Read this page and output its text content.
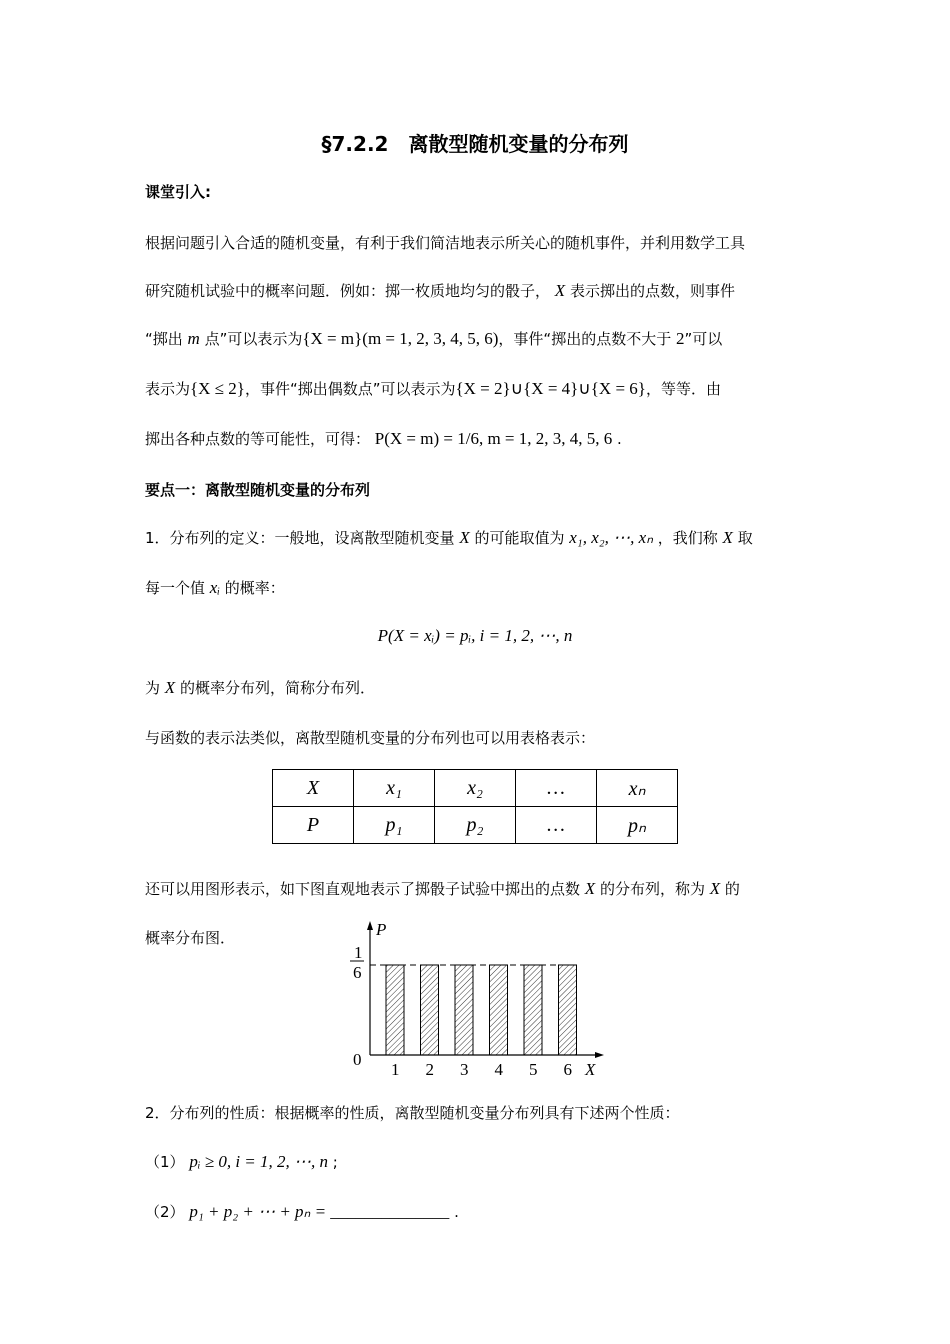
§7.2.2　离散型随机变量的分布列
课堂引入:
根据问题引入合适的随机变量，有利于我们简洁地表示所关心的随机事件，并利用数学工具
研究随机试验中的概率问题．例如：掷一枚质地均匀的骰子， X 表示掷出的点数，则事件
“掷出 m 点”可以表示为{X = m}(m = 1, 2, 3, 4, 5, 6)，事件“掷出的点数不大于 2”可以
表示为{X ≤ 2}，事件“掷出偶数点”可以表示为{X = 2}∪{X = 4}∪{X = 6}，等等．由
掷出各种点数的等可能性，可得： P(X = m) = 1/6, m = 1, 2, 3, 4, 5, 6 .
要点一：离散型随机变量的分布列
1．分布列的定义：一般地，设离散型随机变量 X 的可能取值为 x₁, x₂, ⋯, xₙ ，我们称 X 取
每一个值 xᵢ 的概率：
P(X = xᵢ) = pᵢ, i = 1, 2, ⋯, n
为 X 的概率分布列，简称分布列．
与函数的表示法类似，离散型随机变量的分布列也可以用表格表示：
X	x₁	x₂	…	xₙ
P	p₁	p₂	…	pₙ
还可以用图形表示，如下图直观地表示了掷骰子试验中掷出的点数 X 的分布列，称为 X 的
概率分布图．	P
X
0
1
6
1 2 3 4 5 6
2．分布列的性质：根据概率的性质，离散型随机变量分布列具有下述两个性质：
（1） pᵢ ≥ 0, i = 1, 2, ⋯, n ;
（2） p₁ + p₂ + ⋯ + pₙ = ______________ .
